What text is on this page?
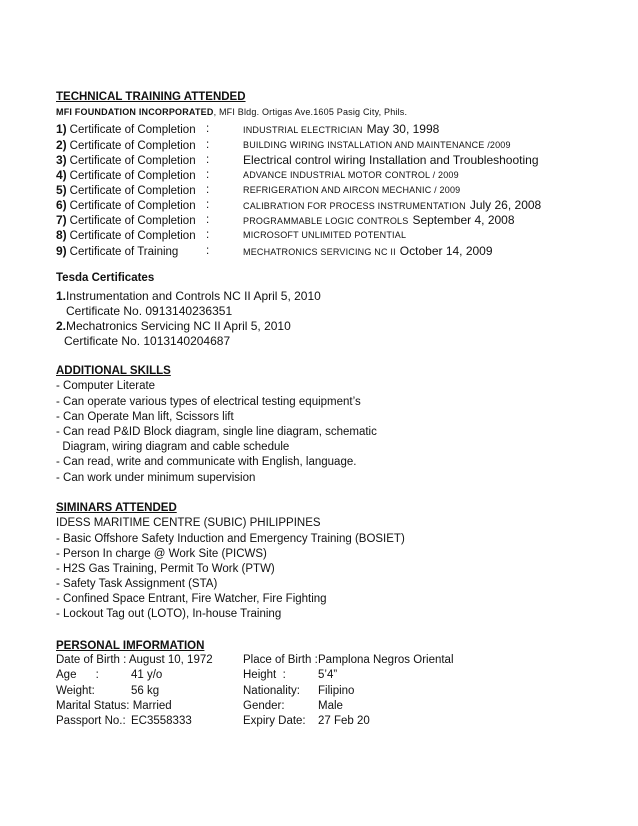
TECHNICAL TRAINING ATTENDED
MFI FOUNDATION INCORPORATED, MFI Bldg. Ortigas Ave.1605 Pasig City, Phils.
Tesda Certificates
1.Instrumentation and Controls NC II April 5, 2010
Certificate No. 0913140236351
2.Mechatronics Servicing NC II April 5, 2010
Certificate No. 1013140204687
ADDITIONAL SKILLS
SIMINARS ATTENDED
PERSONAL IMFORMATION
1) Certificate of Completion :	INDUSTRIAL ELECTRICIAN May 30, 1998
2) Certificate of Completion :	BUILDING WIRING INSTALLATION AND MAINTENANCE /2009
3) Certificate of Completion :	Electrical control wiring Installation and Troubleshooting
4) Certificate of Completion :	ADVANCE INDUSTRIAL MOTOR CONTROL / 2009
5) Certificate of Completion :	REFRIGERATION AND AIRCON MECHANIC / 2009
6) Certificate of Completion :	CALIBRATION FOR PROCESS INSTRUMENTATION July 26, 2008
7) Certificate of Completion :	PROGRAMMABLE LOGIC CONTROLS September 4, 2008
8) Certificate of Completion :	MICROSOFT UNLIMITED POTENTIAL
9) Certificate of Training :	MECHATRONICS SERVICING NC II October 14, 2009
- Computer Literate
- Can operate various types of electrical testing equipment’s
- Can Operate Man lift, Scissors lift
- Can read P&ID Block diagram, single line diagram, schematic
Diagram, wiring diagram and cable schedule
- Can read, write and communicate with English, language.
- Can work under minimum supervision
IDESS MARITIME CENTRE (SUBIC) PHILIPPINES
- Basic Offshore Safety Induction and Emergency Training (BOSIET)
- Person In charge @ Work Site (PICWS)
- H2S Gas Training, Permit To Work (PTW)
- Safety Task Assignment (STA)
- Confined Space Entrant, Fire Watcher, Fire Fighting
- Lockout Tag out (LOTO), In-house Training
Date of Birth : August 10, 1972	Place of Birth : Pamplona Negros Oriental
Age      :	41 y/o	Height  :	5’4”
Weight:	56 kg	Nationality: Filipino
Marital Status: Married	Gender:	Male
Passport No.: EC3558333	Expiry Date: 27 Feb 20
